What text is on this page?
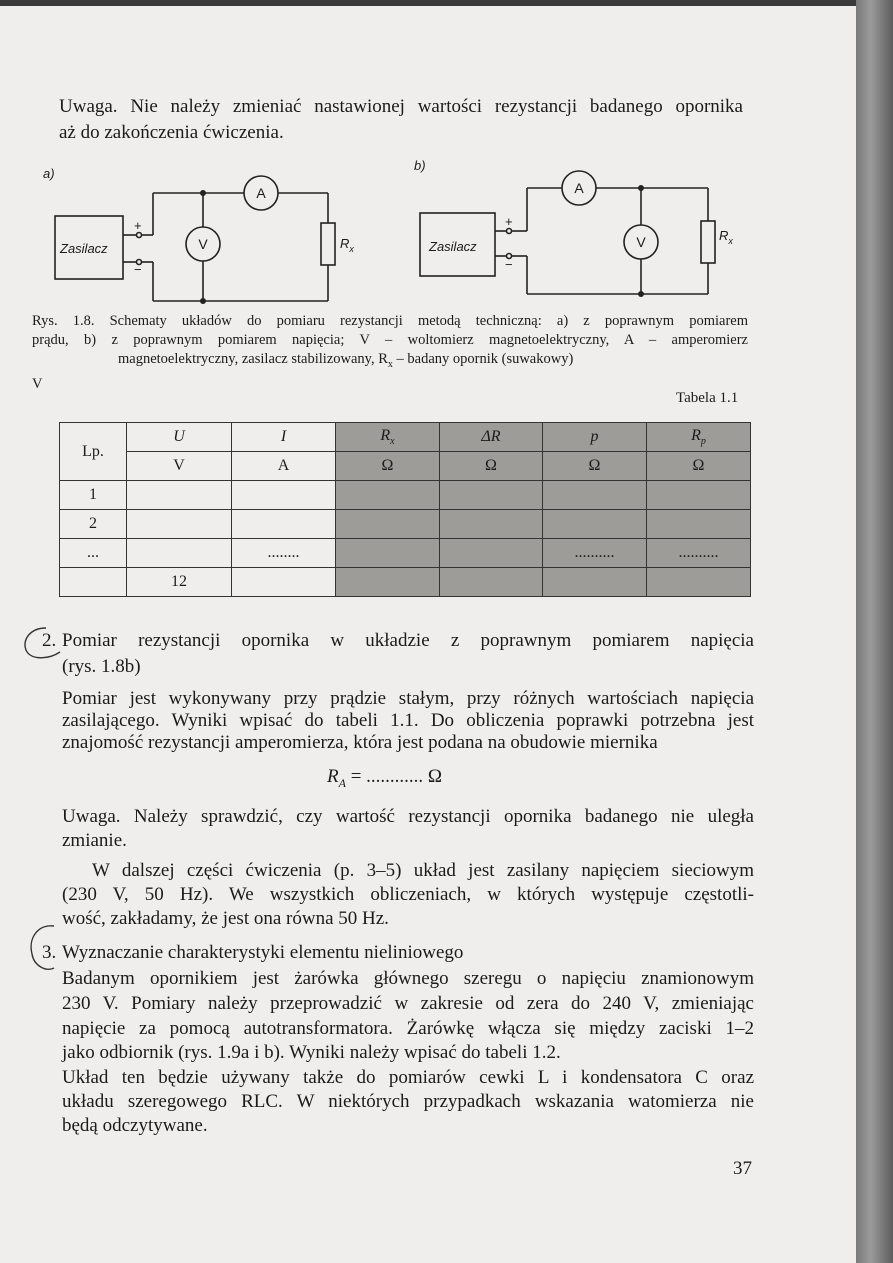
Uwaga. Nie należy zmieniać nastawionej wartości rezystancji badanego opornika

aż do zakończenia ćwiczenia.

a)
b)
Zasilacz	Zasilacz
A
V
A
V
$R_x$
$R_x$
+
−
+
−
Rys. 1.8. Schematy układów do pomiaru rezystancji metodą techniczną: a) z poprawnym pomiarem
prądu, b) z poprawnym pomiarem napięcia; V – woltomierz magnetoelektryczny, A – amperomierz
magnetoelektryczny, zasilacz stabilizowany, $R_x$ – badany opornik (suwakowy)
V
Tabela 1.1
Lp.	U	I	$R_x$	ΔR	p	$R_p$
	V	A	Ω	Ω	Ω	Ω
1						
2						
...		........			..........	..........
	12					

2. Pomiar rezystancji opornika w układzie z poprawnym pomiarem napięcia

(rys. 1.8b)

Pomiar jest wykonywany przy prądzie stałym, przy różnych wartościach napięcia

zasilającego. Wyniki wpisać do tabeli 1.1. Do obliczenia poprawki potrzebna jest

znajomość rezystancji amperomierza, która jest podana na obudowie miernika

$R_A$ = ............ Ω

Uwaga. Należy sprawdzić, czy wartość rezystancji opornika badanego nie uległa

zmianie.

W dalszej części ćwiczenia (p. 3–5) układ jest zasilany napięciem sieciowym

(230 V, 50 Hz). We wszystkich obliczeniach, w których występuje częstotli-

wość, zakładamy, że jest ona równa 50 Hz.

3. Wyznaczanie charakterystyki elementu nieliniowego

Badanym opornikiem jest żarówka głównego szeregu o napięciu znamionowym

230 V. Pomiary należy przeprowadzić w zakresie od zera do 240 V, zmieniając

napięcie za pomocą autotransformatora. Żarówkę włącza się między zaciski 1–2

jako odbiornik (rys. 1.9a i b). Wyniki należy wpisać do tabeli 1.2.

Układ ten będzie używany także do pomiarów cewki L i kondensatora C oraz

układu szeregowego RLC. W niektórych przypadkach wskazania watomierza nie

będą odczytywane.

37
